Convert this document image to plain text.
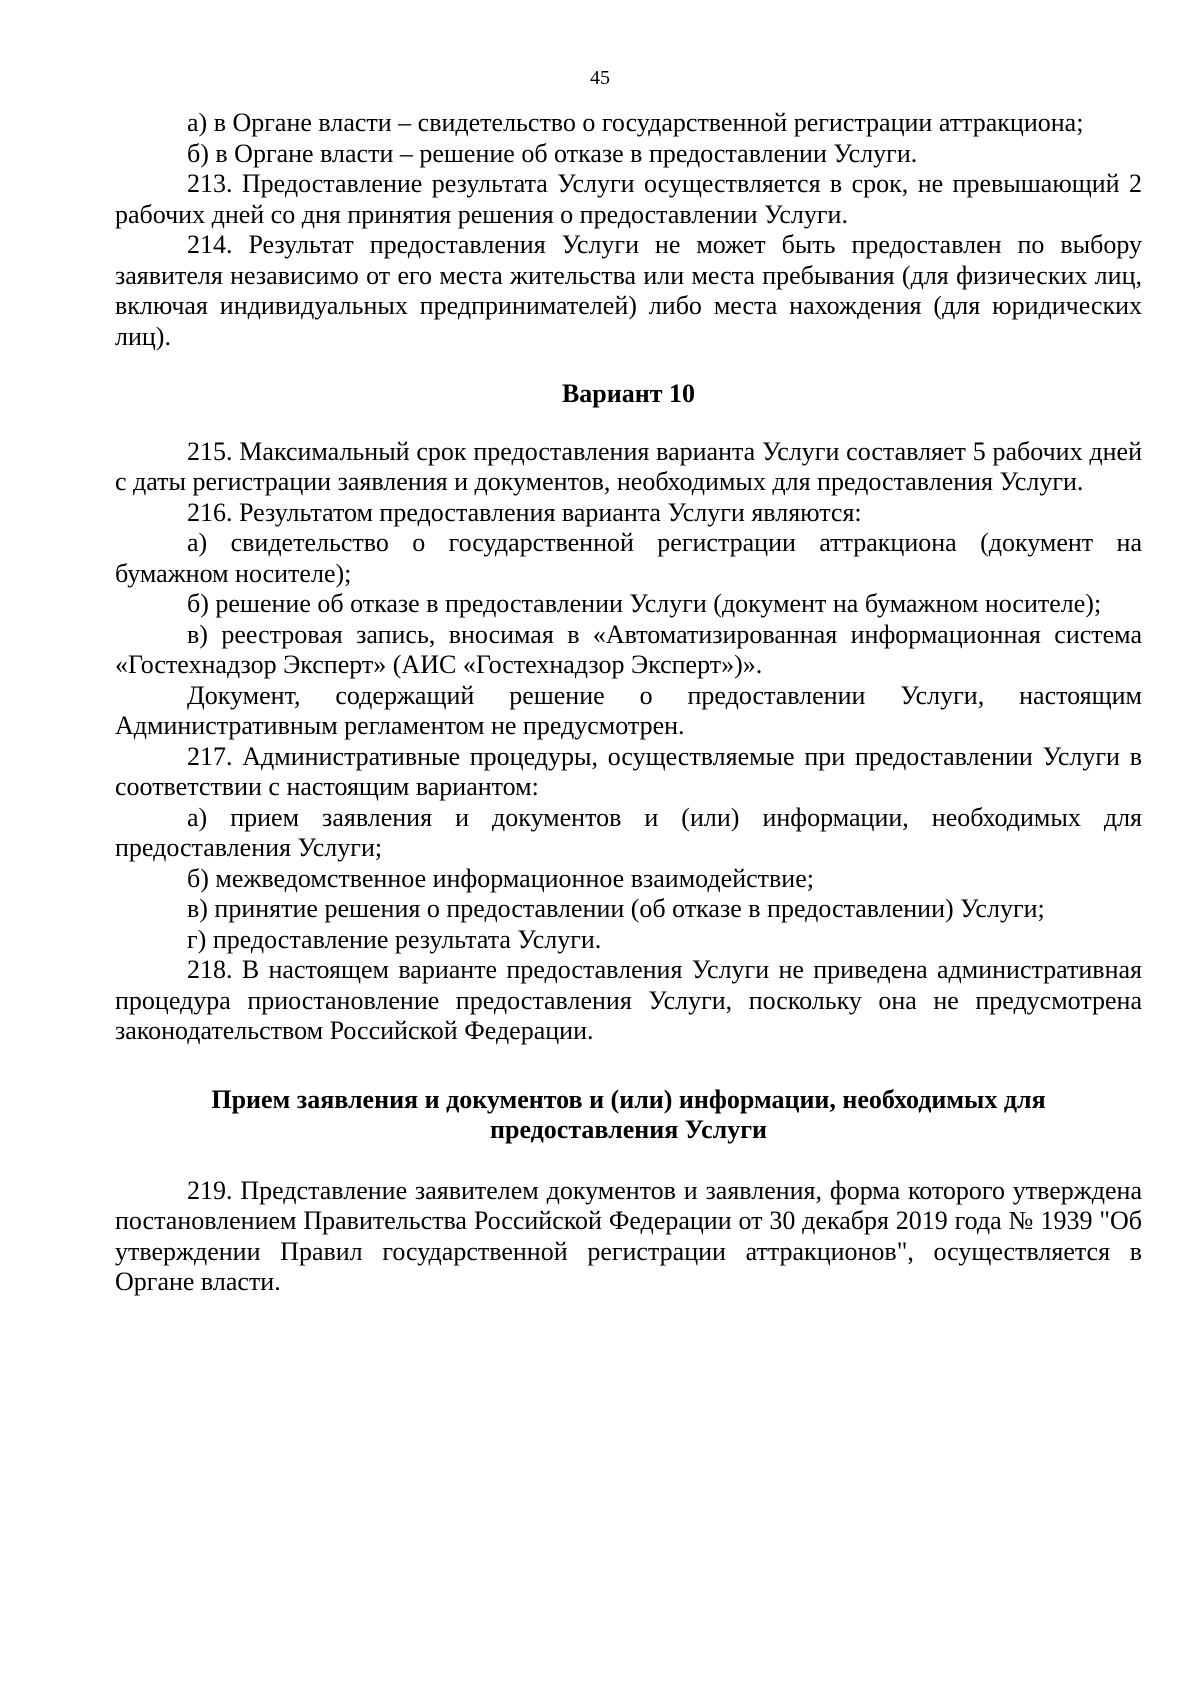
45

а) в Органе власти – свидетельство о государственной регистрации аттракциона;

б) в Органе власти – решение об отказе в предоставлении Услуги.

213. Предоставление результата Услуги осуществляется в срок, не превышающий 2 рабочих дней со дня принятия решения о предоставлении Услуги.

214. Результат предоставления Услуги не может быть предоставлен по выбору заявителя независимо от его места жительства или места пребывания (для физических лиц, включая индивидуальных предпринимателей) либо места нахождения (для юридических лиц).

Вариант 10

215. Максимальный срок предоставления варианта Услуги составляет 5 рабочих дней с даты регистрации заявления и документов, необходимых для предоставления Услуги.

216. Результатом предоставления варианта Услуги являются:

а) свидетельство о государственной регистрации аттракциона (документ на бумажном носителе);

б) решение об отказе в предоставлении Услуги (документ на бумажном носителе);

в) реестровая запись, вносимая в «Автоматизированная информационная система «Гостехнадзор Эксперт» (АИС «Гостехнадзор Эксперт»)».

Документ, содержащий решение о предоставлении Услуги, настоящим Административным регламентом не предусмотрен.

217. Административные процедуры, осуществляемые при предоставлении Услуги в соответствии с настоящим вариантом:

а) прием заявления и документов и (или) информации, необходимых для предоставления Услуги;

б) межведомственное информационное взаимодействие;

в) принятие решения о предоставлении (об отказе в предоставлении) Услуги;

г) предоставление результата Услуги.

218. В настоящем варианте предоставления Услуги не приведена административная процедура приостановление предоставления Услуги, поскольку она не предусмотрена законодательством Российской Федерации.

Прием заявления и документов и (или) информации, необходимых для
предоставления Услуги

219. Представление заявителем документов и заявления, форма которого утверждена постановлением Правительства Российской Федерации от 30 декабря 2019 года № 1939 "Об утверждении Правил государственной регистрации аттракционов", осуществляется в Органе власти.
